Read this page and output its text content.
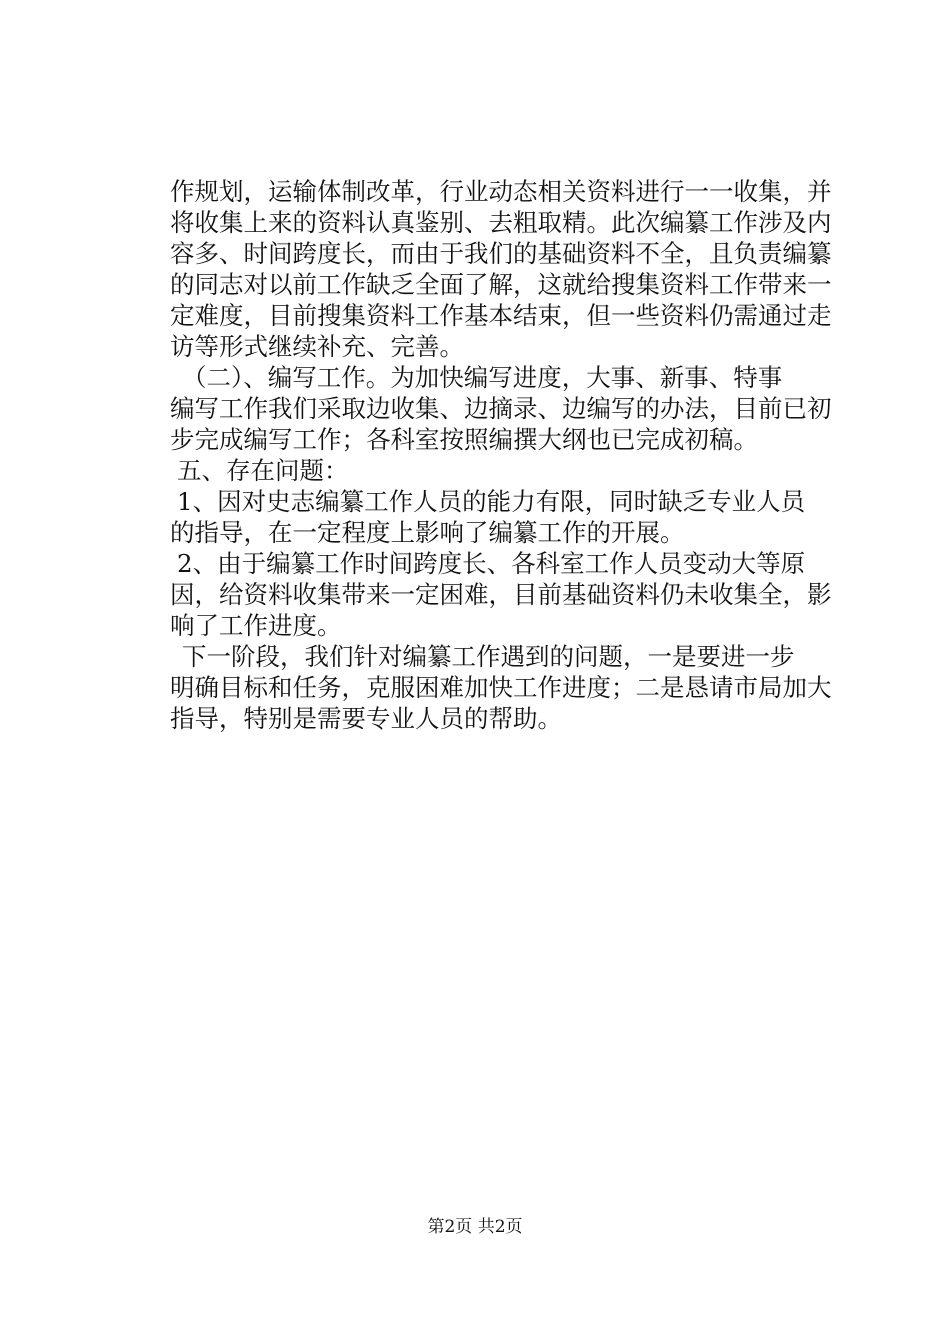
作规划，运输体制改革，行业动态相关资料进行一一收集，并
将收集上来的资料认真鉴别、去粗取精。此次编纂工作涉及内
容多、时间跨度长，而由于我们的基础资料不全，且负责编纂
的同志对以前工作缺乏全面了解，这就给搜集资料工作带来一
定难度，目前搜集资料工作基本结束，但一些资料仍需通过走
访等形式继续补充、完善。
（二）、编写工作。为加快编写进度，大事、新事、特事
编写工作我们采取边收集、边摘录、边编写的办法，目前已初
步完成编写工作；各科室按照编撰大纲也已完成初稿。
五、存在问题：
1、因对史志编纂工作人员的能力有限，同时缺乏专业人员
的指导，在一定程度上影响了编纂工作的开展。
2、由于编纂工作时间跨度长、各科室工作人员变动大等原
因，给资料收集带来一定困难，目前基础资料仍未收集全，影
响了工作进度。
下一阶段，我们针对编纂工作遇到的问题，一是要进一步
明确目标和任务，克服困难加快工作进度；二是恳请市局加大
指导，特别是需要专业人员的帮助。
第2页 共2页
